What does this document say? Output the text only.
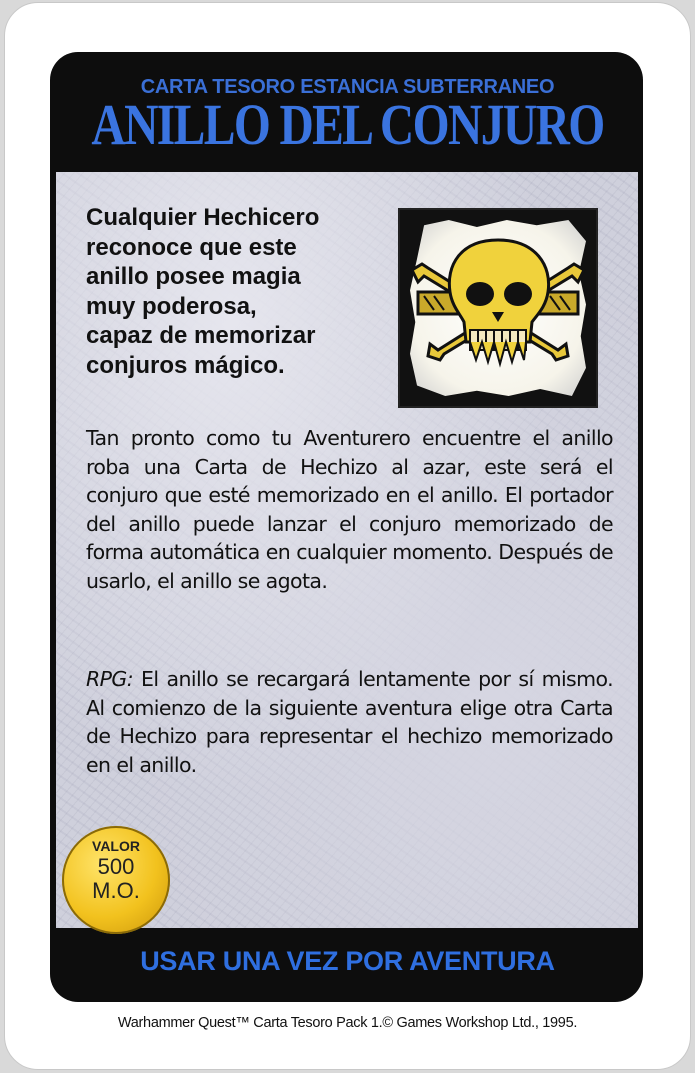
CARTA TESORO ESTANCIA SUBTERRANEO
ANILLO DEL CONJURO

Cualquier Hechicero
reconoce que este
anillo posee magia
muy poderosa,
capaz de memorizar
conjuros mágico.

Tan pronto como tu Aventurero encuentre el anillo roba una Carta de Hechizo al azar, este será el conjuro que esté memorizado en el anillo. El portador del anillo puede lanzar el conjuro memorizado de forma automática en cualquier momento. Después de usarlo, el anillo se agota.

RPG: El anillo se recargará lentamente por sí mismo. Al comienzo de la siguiente aventura elige otra Carta de Hechizo para representar el hechizo memorizado en el anillo.

VALOR
500
M.O.
USAR UNA VEZ POR AVENTURA
Warhammer Quest™ Carta Tesoro Pack 1.© Games Workshop Ltd., 1995.
